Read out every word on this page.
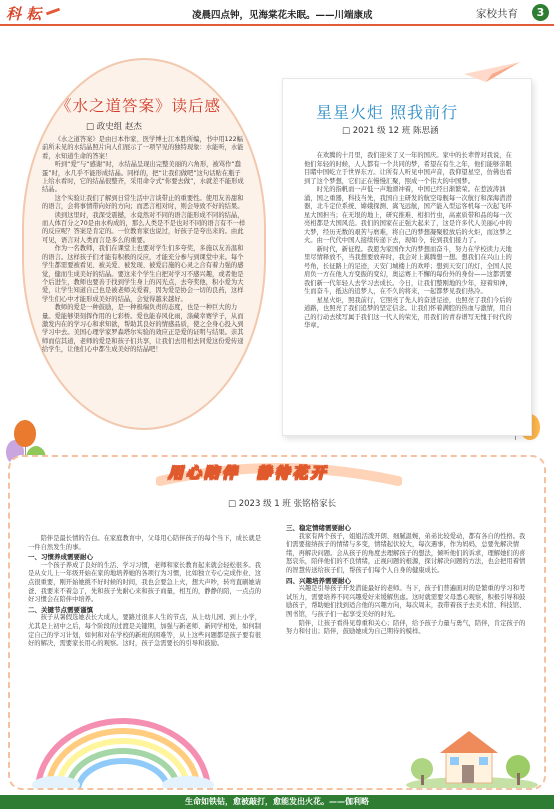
科 耘	凌晨四点钟，见海棠花未眠。——川端康成	家校共育	3
《水之道答案》读后感
□ 政史组 赵杰

《水之道答案》是由日本作家、医学博士江本胜所编，书中用122幅前所未见的水结晶照片向人们展示了一项罕见的独特现象：水能听，水能看，水知道生命的答案！

听到“爱”与“感谢”时，水结晶呈现出完整美丽的六角形，被骂作“蠢蛋”时，水几乎不能形成结晶。同样的，把“让我们做吧”这句话贴在瓶子上给水看时，它的结晶很整齐，采用命令式“你要去做”，水就差不能形成结晶。

这个实验让我们了解到日常生活中言谈带止的重要性。使用友善甜和的语言，会将事情带向好的方向；而恶言相对时，则会导致不好的结果。

读到这里时，我深受震撼，水竟然对不同的语言能形成不同的结晶，而人体百分之70是由水构成的，那么人类是不是也对不同的语言有不一样的反应呢？答案是肯定的。一位教育家也说过，好孩子是夸出来的。由此可见，语言对人类而言是多么的重要。

作为一名教师，我们在课堂上也要对学生们多夸奖，多施以友善温和的语言。这样孩子们才能有积极的反应，才能充分参与到课堂中来。每个学生都需要被看见、被关爱、被发现、被爱启施的心灵之合有着力强的感觉，健而生成美好的结晶。要这来个学生自把对学习不感兴趣，或者他是个后进生，教师也要善于找到学生身上的闪光点，去夸奖他，积小爱为大爱，让学生知道自己也是被老师关爱着，因为爱是协会一切的良药，这样学生们心中才能形成美好的结晶，会觉得越来越好。

教师的爱是一种鼓励，是一种极端负责的态度，也是一种巨大的力量。爱能够渠刻挥作用的七彩桥。爱也能春风化雨，涤藏幸赛学子，从而激发内在的学习心和求知欲，帮助其良好的情感品质，使之全身心投入到学习中去。美国心理学家罗森塔尔实验的效应正是爱的证明与结果。亲其师而信其道，老师的爱是和孩子们共享，让我们去用相去同爱这份爱传递给学生，让他们心中都生成美好的结晶吧！

星星火炬 照我前行
□ 2021 级 12 班 陈思涵

在欢腾的十月里，我们迎来了又一年的国庆。家中的长辈曾对我说，在他们年轻的时候，人人都有一个共同的梦，希望在有生之年，他们能够亲眼目睹中国屹立于世界东方。让所有人听见中国声音，我仰望星空，仿佛也看到了这个梦想，它们正在慢慢汇聚，照成一个伟大的中国梦。

时光的指帆而一声低一声地滑冲着，中国已经日渐繁荣。在惹波涛汹涌，国之重器，科技当先，我国自主研发的航空母舰每一次航行和深海潜潜器，北斗定位系统、嫦娥探测、嵩飞远航，国产能入型运客机每一次起飞环星大国担当；在无垠的地上，研究推难、相扣竹虫，高素质带和品的每一次亮相都是大国风范。我们的国家在正强大起来了，这是许多代人美丽心中的大梦，经历无数的艰苦与磨难，将自己的梦想凝聚般放后的火炬，而这梦之火。由一代代中国人接续传递下去，现如今，轮到我们接力了。

新时代，新征程。我愿为家国作大的梦想而奋斗，努力在学校读力天地里尽情释放不，当我想要放弃时，我会对上翼腾想一想。想我们在兴山上的号角，长征路上的足迹，天安门城楼上的欢呼；想到天安门的灯，全国人民肩负一方在他人方变振的变幻，奥运赛上不懈的每份外的身份——这都需要我们新一代年轻人去学习去成长。今日，让我们整刚地的少年，迎着知神，生而奋斗，抵达的追梦人，在不久的将来，一起都梦见我们热冷。

星星火炬，照我前行，它照亮了先人的奋进足迹，也照亮了我们今后的道路，也照亮了我们追梦的坚定信念。让我们怀着满腔的热血与激情，用自己的行动去续写属于我们这一代人的荣光，用我们的青春谱写无愧于时代的华章。

用心陪伴 静待花开
□ 2023 级 1 班 张铭格家长

陪伴是最长情的告白。在家庭教育中，父母用心陪伴孩子的每个当下，成长就是一件自然发生的事。

一、习惯养成需要耐心

一个孩子养成了良好的生活、学习习惯，老师和家长教育起来就会轻松很多。我是从女儿上一年级开始在家的地培养她的各项行为习惯，比如独立专心完成作业、这点很重要，刚开始她挑不好时候的时间，我也会要急上火，想大声吵，转弯直刷她请爸、我要来不着急了，先和孩子先耐心来和孩子商量，相互的，静静的陪，一点点的好习惯会在陪伴中培养。

二、关键节点需要谨慎

孩子从暑假选她表长大成人，要路过很多人生的节点，从上幼儿园、到上小学，尤其是上初中之后，每个阶段的过渡是关键期，加强与新老师、新同学相处，如何制定自己的学习计划，如何和对在学校的新班的困难等，从上这些问题都是孩子要有很好的解决，需要家长用心的观察。这时，孩子急需要长的引导和鼓励。

三、稳定情绪需要耐心

我家有两个孩子，姐姐活泼开朗、细腻温婉，弟弟比较爱动，都有各自的性格。我们需要接纳孩子的情绪与多变，情绪起伏较大，每次遇事，作为妈妈，总要先解决情绪，再解决问题。会从孩子的角度去理解孩子的想法，倾听他们的诉求，理解她们的喜怒哀乐，陪伴他们的不良情绪，正视问题的根源，探讨解决问题的方法，也会把用着情的智慧传送给孩子们，帮孩子们每个人自身的健康成长。

四、兴趣培养需要耐心

兴趣是引导孩子开发潜能最好的老师。当下，孩子们普遍面对的是繁重的学习和考试压力，需要培养不同兴趣爱好来缓解焦虑。这时就需要父母悉心观察，积极引导和鼓励孩子，帮助她们找到适合他的兴趣方向，每次周末，我带着孩子去美术馆、科技馆、图书馆，与孩子们一起享受美好的时光。

陪伴，让孩子看得见尊重和关心；陪伴，给予孩子力量与勇气，陪伴，肯定孩子的努力和付出；陪伴，鼓励她成为自己期待的模样。

生命如铁钻，愈被敲打，愈能发出火花。——伽利略
